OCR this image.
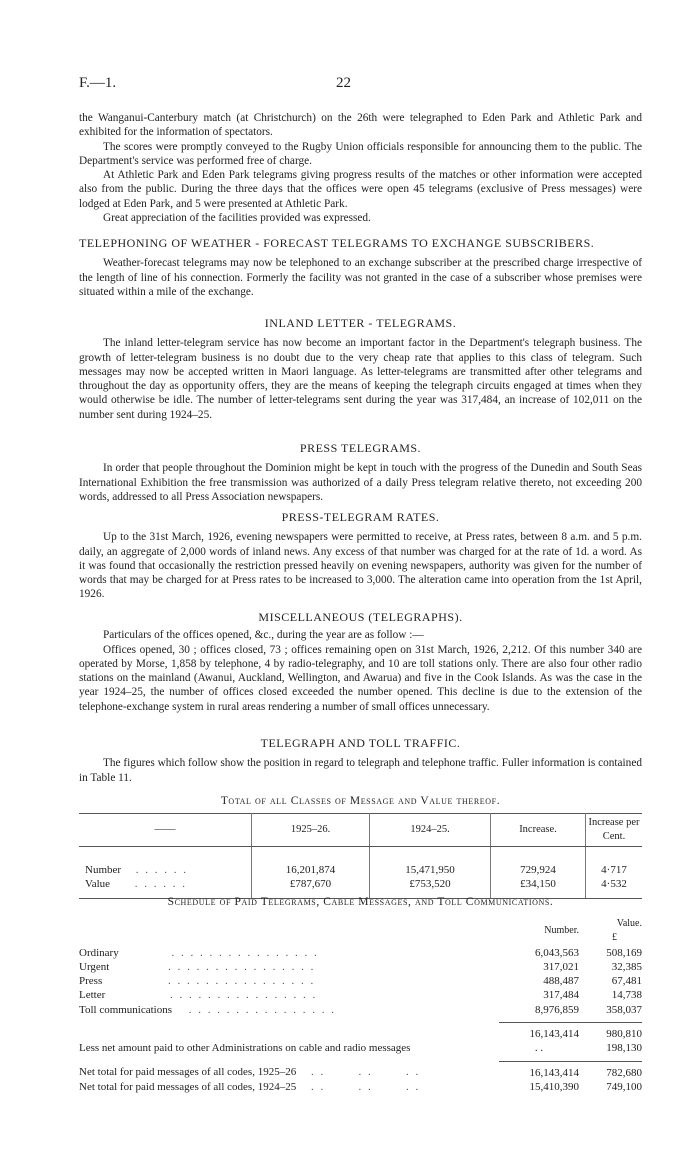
F.—1.	22

the Wanganui-Canterbury match (at Christchurch) on the 26th were telegraphed to Eden Park and Athletic Park and exhibited for the information of spectators.

The scores were promptly conveyed to the Rugby Union officials responsible for announcing them to the public. The Department's service was performed free of charge.

At Athletic Park and Eden Park telegrams giving progress results of the matches or other information were accepted also from the public. During the three days that the offices were open 45 telegrams (exclusive of Press messages) were lodged at Eden Park, and 5 were presented at Athletic Park.

Great appreciation of the facilities provided was expressed.

TELEPHONING OF WEATHER - FORECAST TELEGRAMS TO EXCHANGE SUBSCRIBERS.

Weather-forecast telegrams may now be telephoned to an exchange subscriber at the prescribed charge irrespective of the length of line of his connection. Formerly the facility was not granted in the case of a subscriber whose premises were situated within a mile of the exchange.

INLAND LETTER - TELEGRAMS.

The inland letter-telegram service has now become an important factor in the Department's telegraph business. The growth of letter-telegram business is no doubt due to the very cheap rate that applies to this class of telegram. Such messages may now be accepted written in Maori language. As letter-telegrams are transmitted after other telegrams and throughout the day as opportunity offers, they are the means of keeping the telegraph circuits engaged at times when they would otherwise be idle. The number of letter-telegrams sent during the year was 317,484, an increase of 102,011 on the number sent during 1924–25.

PRESS TELEGRAMS.

In order that people throughout the Dominion might be kept in touch with the progress of the Dunedin and South Seas International Exhibition the free transmission was authorized of a daily Press telegram relative thereto, not exceeding 200 words, addressed to all Press Association newspapers.

PRESS-TELEGRAM RATES.

Up to the 31st March, 1926, evening newspapers were permitted to receive, at Press rates, between 8 a.m. and 5 p.m. daily, an aggregate of 2,000 words of inland news. Any excess of that number was charged for at the rate of 1d. a word. As it was found that occasionally the restriction pressed heavily on evening newspapers, authority was given for the number of words that may be charged for at Press rates to be increased to 3,000. The alteration came into operation from the 1st April, 1926.

MISCELLANEOUS (TELEGRAPHS).

Particulars of the offices opened, &c., during the year are as follow :—

Offices opened, 30 ; offices closed, 73 ; offices remaining open on 31st March, 1926, 2,212. Of this number 340 are operated by Morse, 1,858 by telephone, 4 by radio-telegraphy, and 10 are toll stations only. There are also four other radio stations on the mainland (Awanui, Auckland, Wellington, and Awarua) and five in the Cook Islands. As was the case in the year 1924–25, the number of offices closed exceeded the number opened. This decline is due to the extension of the telephone-exchange system in rural areas rendering a number of small offices unnecessary.

TELEGRAPH AND TOLL TRAFFIC.

The figures which follow show the position in regard to telegraph and telephone traffic. Fuller information is contained in Table 11.

Total of all Classes of Message and Value thereof.
——	1925–26.	1924–25.	Increase.	Increase per Cent.

Number . . . . . .	16,201,874	15,471,950	729,924	4·717
Value . . . . . .	£787,670	£753,520	£34,150	4·532
Schedule of Paid Telegrams, Cable Messages, and Toll Communications.
	Number.	Value.
£

Ordinary . . . . . . . . . . . . . . . .	6,043,563	508,169
Urgent . . . . . . . . . . . . . . . .	317,021	32,385
Press . . . . . . . . . . . . . . . .	488,487	67,481
Letter . . . . . . . . . . . . . . . .	317,484	14,738
Toll communications . . . . . . . . . . . . . . . .	8,976,859	358,037

	16,143,414	980,810
Less net amount paid to other Administrations on cable and radio messages	. .	198,130

Net total for paid messages of all codes, 1925–26 . .       . .       . .	16,143,414	782,680
Net total for paid messages of all codes, 1924–25 . .       . .       . .	15,410,390	749,100
